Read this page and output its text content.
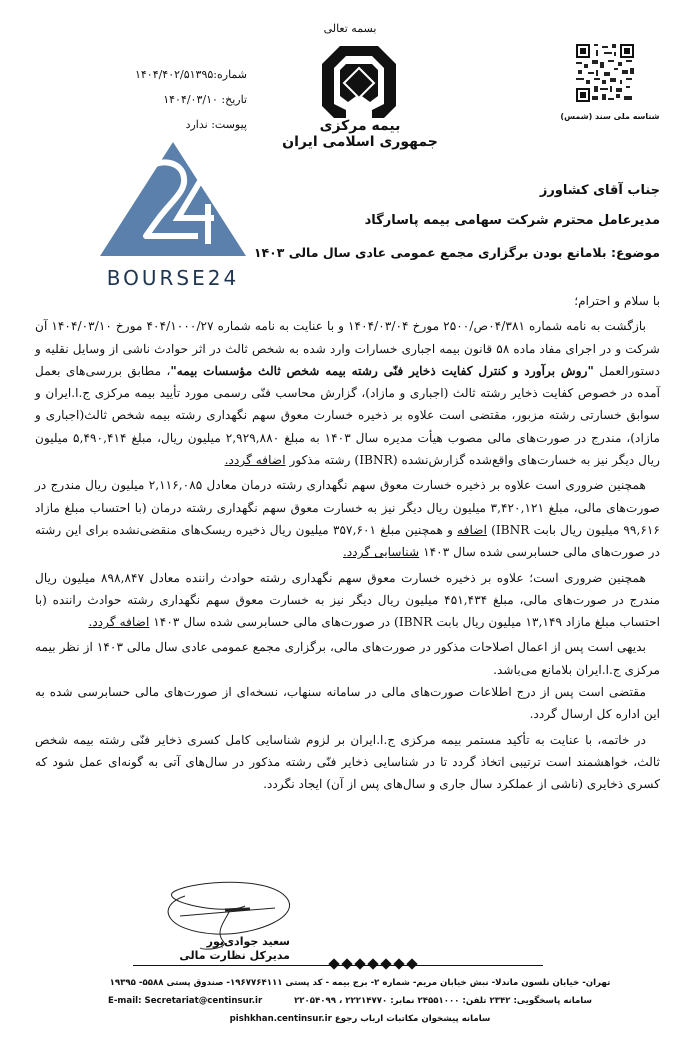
بسمه تعالی
بیمه مرکزی
جمهوری اسلامی ایران
شناسه ملی سند (شمس)
شماره:۱۴۰۴/۴۰۲/۵۱۳۹۵
تاریخ: ۱۴۰۴/۰۳/۱۰
پیوست: ندارد
BOURSE24
جناب آقای کشاورز
مدیرعامل محترم شرکت سهامی بیمه پاسارگاد
موضوع: بلامانع بودن برگزاری مجمع عمومی عادی سال مالی ۱۴۰۳

با سلام و احترام؛

بازگشت به نامه شماره ۰۴/۳۸۱ص/۲۵۰۰ مورخ ۱۴۰۴/۰۳/۰۴ و با عنایت به نامه شماره ۴۰۴/۱۰۰۰/۲۷ مورخ ۱۴۰۴/۰۳/۱۰ آن شرکت و در اجرای مفاد ماده ۵۸ قانون بیمه اجباری خسارات وارد شده به شخص ثالث در اثر حوادث ناشی از وسایل نقلیه و دستورالعمل "روش برآورد و کنترل کفایت ذخایر فنّی رشته بیمه شخص ثالث مؤسسات بیمه"، مطابق بررسی‌های بعمل آمده در خصوص کفایت ذخایر رشته ثالث (اجباری و مازاد)، گزارش محاسب فنّی رسمی مورد تأیید بیمه مرکزی ج.ا.ایران و سوابق خسارتی رشته مزبور، مقتضی است علاوه بر ذخیره خسارت معوق سهم نگهداری رشته بیمه شخص ثالث(اجباری و مازاد)، مندرج در صورت‌های مالی مصوب هیأت مدیره سال ۱۴۰۳ به مبلغ ۲,۹۲۹,۸۸۰ میلیون ریال، مبلغ ۵,۴۹۰,۴۱۴ میلیون ریال دیگر نیز به خسارت‌های واقع‌شده گزارش‌نشده (IBNR) رشته مذکور اضافه گردد.

همچنین ضروری است علاوه بر ذخیره خسارت معوق سهم نگهداری رشته درمان معادل ۲,۱۱۶,۰۸۵ میلیون ریال مندرج در صورت‌های مالی، مبلغ ۳,۴۲۰,۱۲۱ میلیون ریال دیگر نیز به خسارت معوق سهم نگهداری رشته درمان (با احتساب مبلغ مازاد ۹۹,۶۱۶ میلیون ریال بابت IBNR) اضافه و همچنین مبلغ ۳۵۷,۶۰۱ میلیون ریال ذخیره ریسک‌های منقضی‌نشده برای این رشته در صورت‌های مالی حسابرسی شده سال ۱۴۰۳ شناسایی گردد.

همچنین ضروری است؛ علاوه بر ذخیره خسارت معوق سهم نگهداری رشته حوادث راننده معادل ۸۹۸,۸۴۷ میلیون ریال مندرج در صورت‌های مالی، مبلغ ۴۵۱,۴۳۴ میلیون ریال دیگر نیز به خسارت معوق سهم نگهداری رشته حوادث راننده (با احتساب مبلغ مازاد ۱۳,۱۴۹ میلیون ریال بابت IBNR) در صورت‌های مالی حسابرسی شده سال ۱۴۰۳ اضافه گردد.

بدیهی است پس از اعمال اصلاحات مذکور در صورت‌های مالی، برگزاری مجمع عمومی عادی سال مالی ۱۴۰۳ از نظر بیمه مرکزی ج.ا.ایران بلامانع می‌باشد.

مقتضی است پس از درج اطلاعات صورت‌های مالی در سامانه سنهاب، نسخه‌ای از صورت‌های مالی حسابرسی شده به این اداره کل ارسال گردد.

در خاتمه، با عنایت به تأکید مستمر بیمه مرکزی ج.ا.ایران بر لزوم شناسایی کامل کسری ذخایر فنّی رشته بیمه شخص ثالث، خواهشمند است ترتیبی اتخاذ گردد تا در شناسایی ذخایر فنّی رشته مذکور در سال‌های آتی به گونه‌ای عمل شود که کسری ذخایری (ناشی از عملکرد سال جاری و سال‌های پس از آن) ایجاد نگردد.

سعید جوادی‌پور
مدیرکل نظارت مالی
تهران- خیابان نلسون ماندلا- نبش خیابان مریم- شماره ۲- برج بیمه - کد پستی ۱۹۶۷۷۶۴۱۱۱- صندوق پستی ۵۵۸۸- ۱۹۳۹۵
سامانه پاسخگویی: ۲۳۴۲ تلفن: ۲۴۵۵۱۰۰۰ نمابر: ۲۲۲۱۴۷۷۰ ، ۲۲۰۵۴۰۹۹
E-mail: Secretariat@centinsur.ir
سامانه پیشخوان مکاتبات ارباب رجوع pishkhan.centinsur.ir
